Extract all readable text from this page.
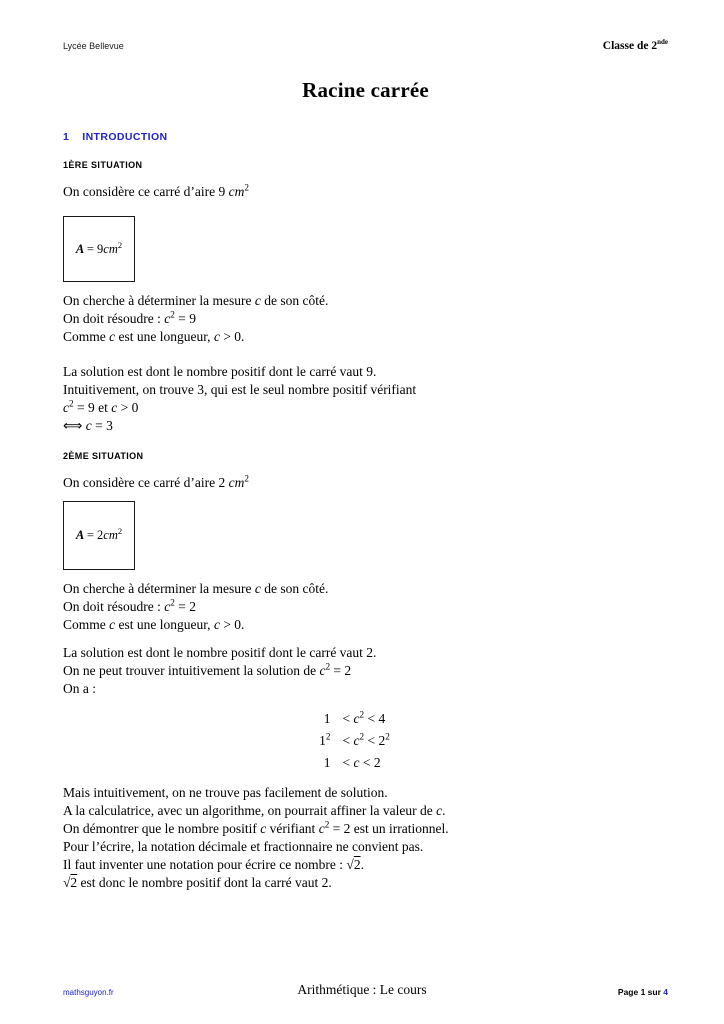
Lycée Bellevue	Classe de 2nde
Racine carrée
1 INTRODUCTION
1ÈRE SITUATION
On considère ce carré d’aire 9 $cm^2$
$A = 9cm^2$
On cherche à déterminer la mesure c de son côté.
On doit résoudre : $c^2 = 9$
Comme c est une longueur, c > 0.
La solution est dont le nombre positif dont le carré vaut 9.
Intuitivement, on trouve 3, qui est le seul nombre positif vérifiant
$c^2 = 9$ et c > 0
⟺ c = 3
2ÈME SITUATION
On considère ce carré d’aire 2 $cm^2$
$A = 2cm^2$
On cherche à déterminer la mesure c de son côté.
On doit résoudre : $c^2 = 2$
Comme c est une longueur, c > 0.
La solution est dont le nombre positif dont le carré vaut 2.
On ne peut trouver intuitivement la solution de $c^2 = 2$
On a :
$1 < c^2 < 4$
$1^2 < c^2 < 2^2$
1 < c < 2
Mais intuitivement, on ne trouve pas facilement de solution.
A la calculatrice, avec un algorithme, on pourrait affiner la valeur de c.
On démontrer que le nombre positif c vérifiant $c^2 = 2$ est un irrationnel.
Pour l’écrire, la notation décimale et fractionnaire ne convient pas.
Il faut inventer une notation pour écrire ce nombre : √2.
√2 est donc le nombre positif dont la carré vaut 2.
mathsguyon.fr	Arithmétique : Le cours	Page 1 sur 4
